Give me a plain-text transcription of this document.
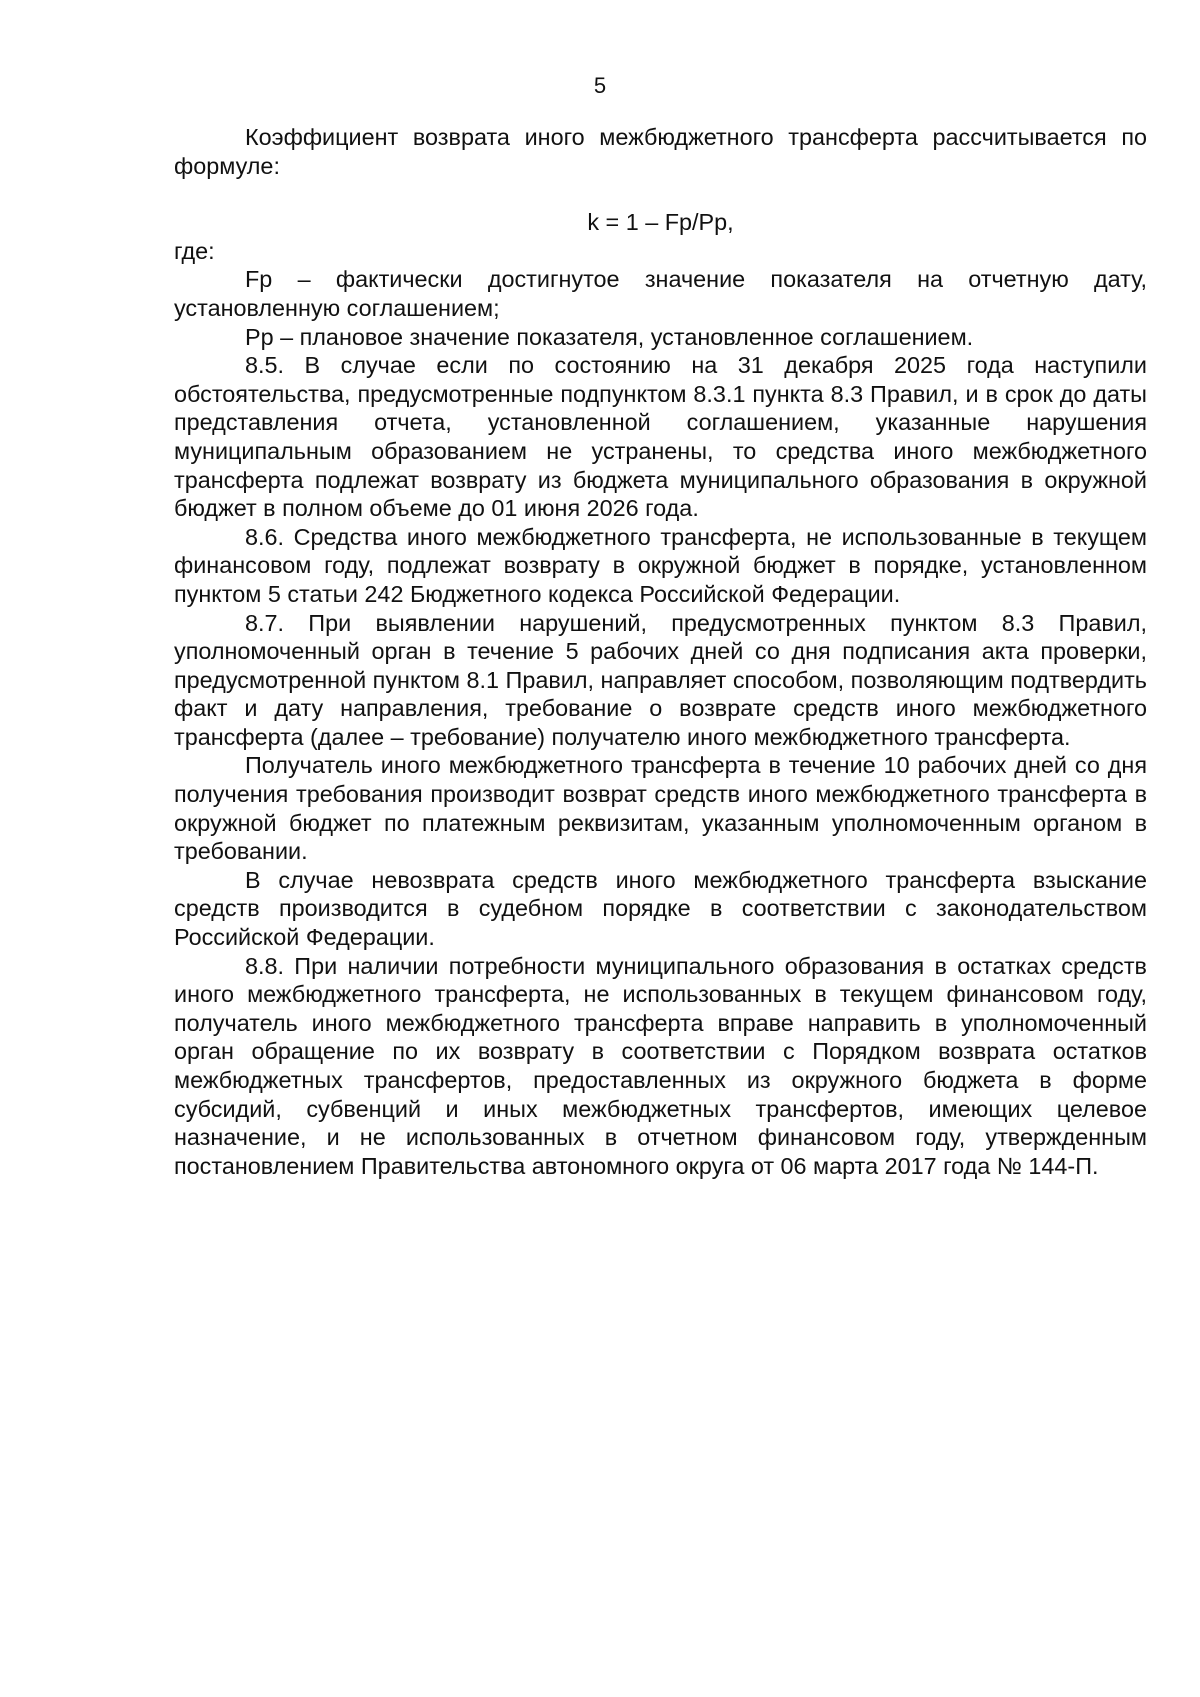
5

Коэффициент возврата иного межбюджетного трансферта рассчитывается по формуле:

k = 1 – Fp/Pp,

где:

Fp – фактически достигнутое значение показателя на отчетную дату, установленную соглашением;

Pp – плановое значение показателя, установленное соглашением.

8.5. В случае если по состоянию на 31 декабря 2025 года наступили обстоятельства, предусмотренные подпунктом 8.3.1 пункта 8.3 Правил, и в срок до даты представления отчета, установленной соглашением, указанные нарушения муниципальным образованием не устранены, то средства иного межбюджетного трансферта подлежат возврату из бюджета муниципального образования в окружной бюджет в полном объеме до 01 июня 2026 года.

8.6. Средства иного межбюджетного трансферта, не использованные в текущем финансовом году, подлежат возврату в окружной бюджет в порядке, установленном пунктом 5 статьи 242 Бюджетного кодекса Российской Федерации.

8.7. При выявлении нарушений, предусмотренных пунктом 8.3 Правил, уполномоченный орган в течение 5 рабочих дней со дня подписания акта проверки, предусмотренной пунктом 8.1 Правил, направляет способом, позволяющим подтвердить факт и дату направления, требование о возврате средств иного межбюджетного трансферта (далее – требование) получателю иного межбюджетного трансферта.

Получатель иного межбюджетного трансферта в течение 10 рабочих дней со дня получения требования производит возврат средств иного межбюджетного трансферта в окружной бюджет по платежным реквизитам, указанным уполномоченным органом в требовании.

В случае невозврата средств иного межбюджетного трансферта взыскание средств производится в судебном порядке в соответствии с законодательством Российской Федерации.

8.8. При наличии потребности муниципального образования в остатках средств иного межбюджетного трансферта, не использованных в текущем финансовом году, получатель иного межбюджетного трансферта вправе направить в уполномоченный орган обращение по их возврату в соответствии с Порядком возврата остатков межбюджетных трансфертов, предоставленных из окружного бюджета в форме субсидий, субвенций и иных межбюджетных трансфертов, имеющих целевое назначение, и не использованных в отчетном финансовом году, утвержденным постановлением Правительства автономного округа от 06 марта 2017 года № 144-П.
